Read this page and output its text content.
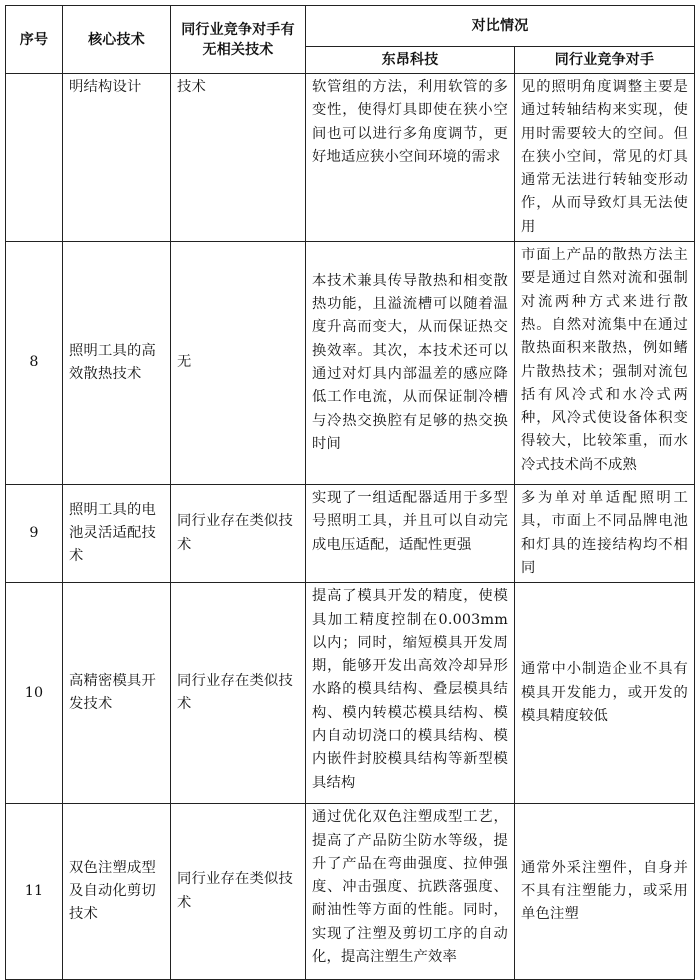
序号	核心技术	同行业竞争对手有无相关技术	对比情况	
			东昂科技	同行业竞争对手
	明结构设计	技术	软管组的方法，利用软管的多变性，使得灯具即使在狭小空间也可以进行多角度调节，更好地适应狭小空间环境的需求	见的照明角度调整主要是通过转轴结构来实现，使用时需要较大的空间。但在狭小空间，常见的灯具通常无法进行转轴变形动作，从而导致灯具无法使用
8	照明工具的高效散热技术	无	本技术兼具传导散热和相变散热功能，且溢流槽可以随着温度升高而变大，从而保证热交换效率。其次，本技术还可以通过对灯具内部温差的感应降低工作电流，从而保证制冷槽与冷热交换腔有足够的热交换时间	市面上产品的散热方法主要是通过自然对流和强制对流两种方式来进行散热。自然对流集中在通过散热面积来散热，例如鳍片散热技术；强制对流包括有风冷式和水冷式两种，风冷式使设备体积变得较大，比较笨重，而水冷式技术尚不成熟
9	照明工具的电池灵活适配技术	同行业存在类似技术	实现了一组适配器适用于多型号照明工具，并且可以自动完成电压适配，适配性更强	多为单对单适配照明工具，市面上不同品牌电池和灯具的连接结构均不相同
10	高精密模具开发技术	同行业存在类似技术	提高了模具开发的精度，使模具加工精度控制在0.003mm 以内；同时，缩短模具开发周期，能够开发出高效冷却异形水路的模具结构、叠层模具结构、模内转模芯模具结构、模内自动切浇口的模具结构、模内嵌件封胶模具结构等新型模具结构	通常中小制造企业不具有模具开发能力，或开发的模具精度较低
11	双色注塑成型及自动化剪切技术	同行业存在类似技术	通过优化双色注塑成型工艺，提高了产品防尘防水等级，提升了产品在弯曲强度、拉伸强度、冲击强度、抗跌落强度、耐油性等方面的性能。同时，实现了注塑及剪切工序的自动化，提高注塑生产效率	通常外采注塑件，自身并不具有注塑能力，或采用单色注塑
